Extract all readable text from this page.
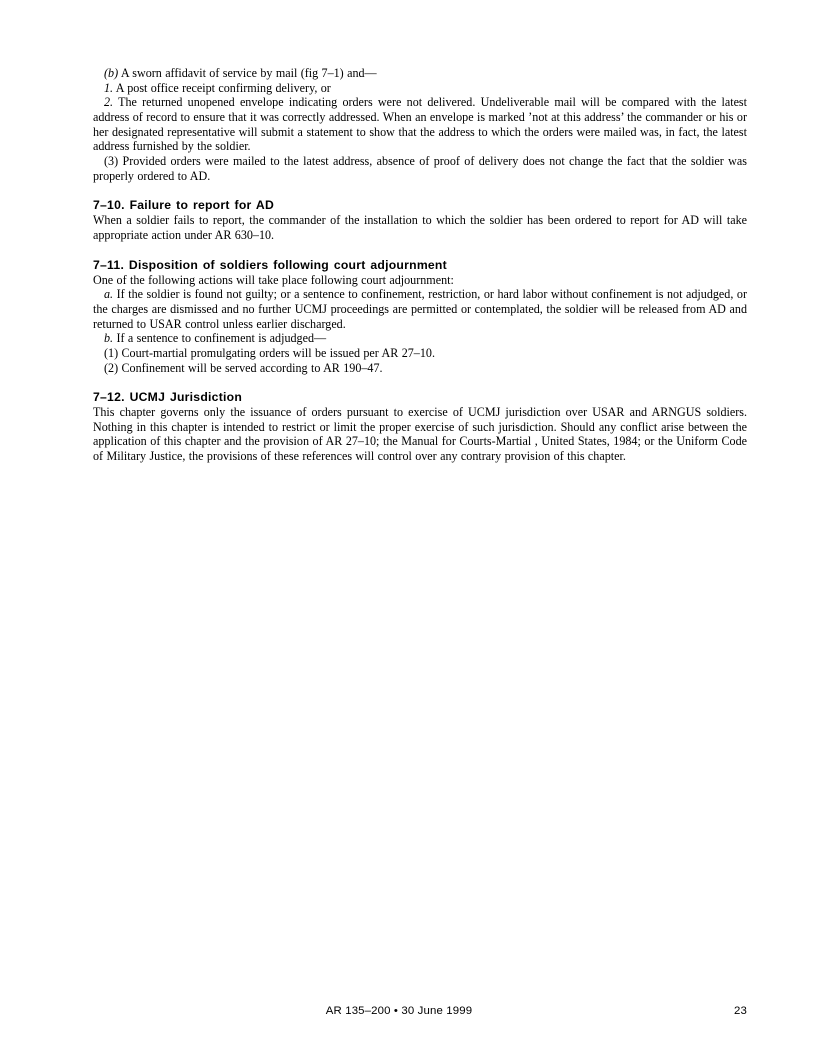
(b) A sworn affidavit of service by mail (fig 7–1) and—

1. A post office receipt confirming delivery, or

2. The returned unopened envelope indicating orders were not delivered. Undeliverable mail will be compared with the latest address of record to ensure that it was correctly addressed. When an envelope is marked ’not at this address’ the commander or his or her designated representative will submit a statement to show that the address to which the orders were mailed was, in fact, the latest address furnished by the soldier.

(3) Provided orders were mailed to the latest address, absence of proof of delivery does not change the fact that the soldier was properly ordered to AD.

7–10. Failure to report for AD

When a soldier fails to report, the commander of the installation to which the soldier has been ordered to report for AD will take appropriate action under AR 630–10.

7–11. Disposition of soldiers following court adjournment

One of the following actions will take place following court adjournment:

a. If the soldier is found not guilty; or a sentence to confinement, restriction, or hard labor without confinement is not adjudged, or the charges are dismissed and no further UCMJ proceedings are permitted or contemplated, the soldier will be released from AD and returned to USAR control unless earlier discharged.

b. If a sentence to confinement is adjudged—

(1) Court-martial promulgating orders will be issued per AR 27–10.

(2) Confinement will be served according to AR 190–47.

7–12. UCMJ Jurisdiction

This chapter governs only the issuance of orders pursuant to exercise of UCMJ jurisdiction over USAR and ARNGUS soldiers. Nothing in this chapter is intended to restrict or limit the proper exercise of such jurisdiction. Should any conflict arise between the application of this chapter and the provision of AR 27–10; the Manual for Courts-Martial , United States, 1984; or the Uniform Code of Military Justice, the provisions of these references will control over any contrary provision of this chapter.

AR 135–200 • 30 June 1999	23
